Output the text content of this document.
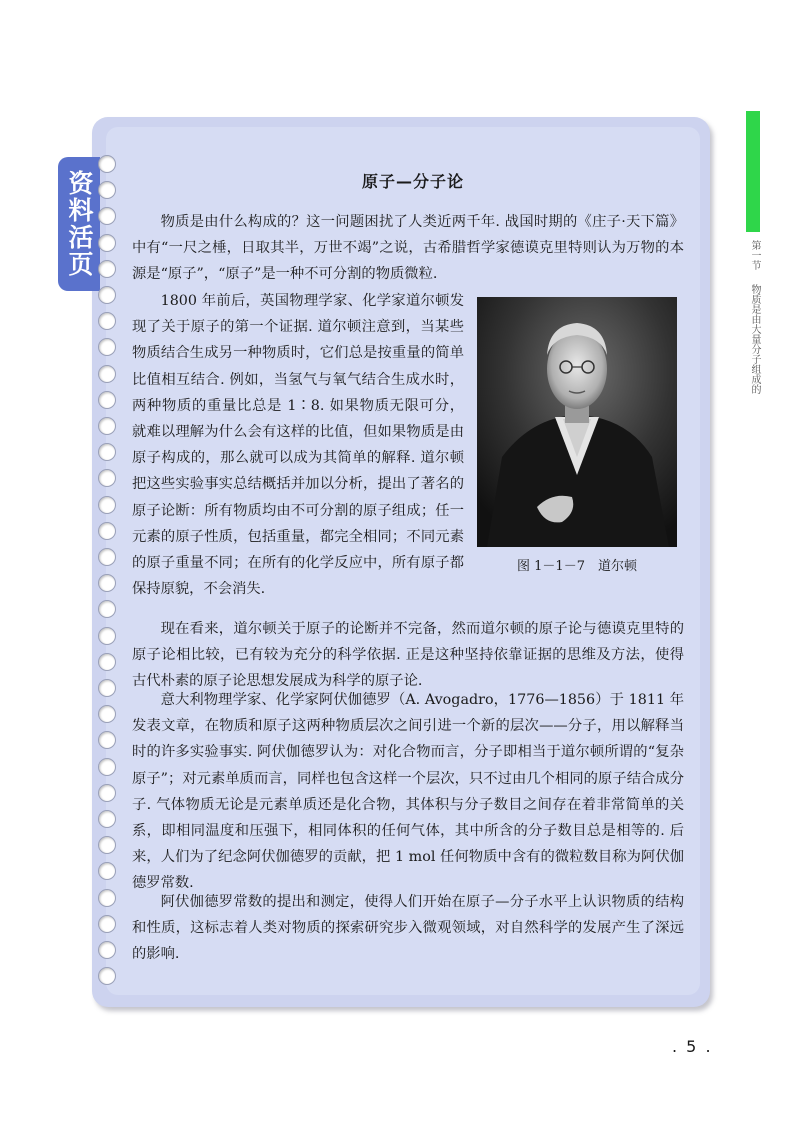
第一节物质是由大量分子组成的
资料活页	原子—分子论

物质是由什么构成的？这一问题困扰了人类近两千年. 战国时期的《庄子·天下篇》中有“一尺之棰，日取其半，万世不竭”之说，古希腊哲学家德谟克里特则认为万物的本源是“原子”，“原子”是一种不可分割的物质微粒.

1800 年前后，英国物理学家、化学家道尔顿发现了关于原子的第一个证据. 道尔顿注意到，当某些物质结合生成另一种物质时，它们总是按重量的简单比值相互结合. 例如，当氢气与氧气结合生成水时，两种物质的重量比总是 1∶8. 如果物质无限可分，就难以理解为什么会有这样的比值，但如果物质是由原子构成的，那么就可以成为其简单的解释. 道尔顿把这些实验事实总结概括并加以分析，提出了著名的原子论断：所有物质均由不可分割的原子组成；任一元素的原子性质，包括重量，都完全相同；不同元素的原子重量不同；在所有的化学反应中，所有原子都保持原貌，不会消失.

现在看来，道尔顿关于原子的论断并不完备，然而道尔顿的原子论与德谟克里特的原子论相比较，已有较为充分的科学依据. 正是这种坚持依靠证据的思维及方法，使得古代朴素的原子论思想发展成为科学的原子论.

意大利物理学家、化学家阿伏伽德罗（A. Avogadro，1776—1856）于 1811 年发表文章，在物质和原子这两种物质层次之间引进一个新的层次——分子，用以解释当时的许多实验事实. 阿伏伽德罗认为：对化合物而言，分子即相当于道尔顿所谓的“复杂原子”；对元素单质而言，同样也包含这样一个层次，只不过由几个相同的原子结合成分子. 气体物质无论是元素单质还是化合物，其体积与分子数目之间存在着非常简单的关系，即相同温度和压强下，相同体积的任何气体，其中所含的分子数目总是相等的. 后来，人们为了纪念阿伏伽德罗的贡献，把 1 mol 任何物质中含有的微粒数目称为阿伏伽德罗常数.

阿伏伽德罗常数的提出和测定，使得人们开始在原子—分子水平上认识物质的结构和性质，这标志着人类对物质的探索研究步入微观领域，对自然科学的发展产生了深远的影响.

图 1－1－7　道尔顿
. 5 .
